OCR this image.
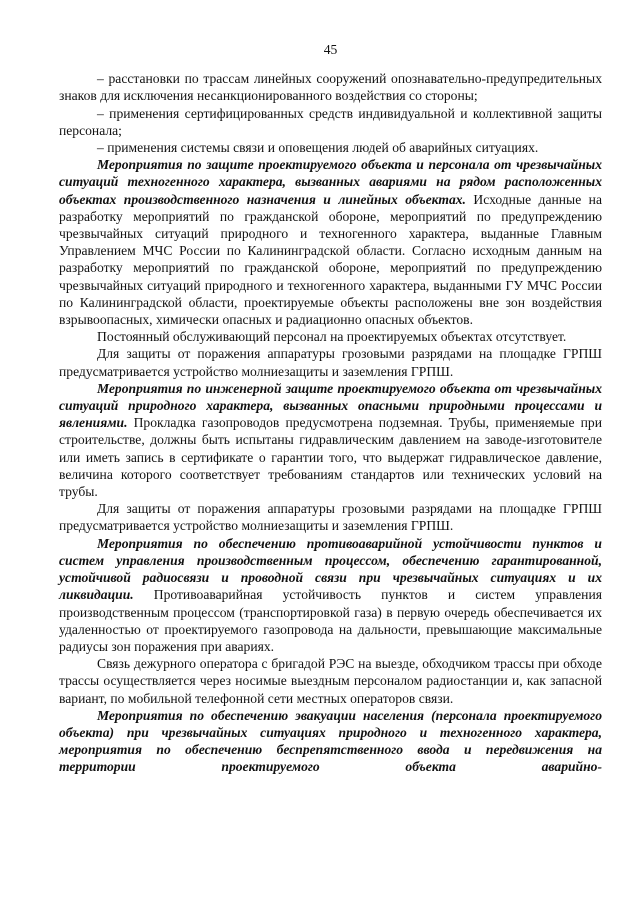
45

– расстановки по трассам линейных сооружений опознавательно-предупредительных знаков для исключения несанкционированного воздействия со стороны;

– применения сертифицированных средств индивидуальной и коллективной защиты персонала;

– применения системы связи и оповещения людей об аварийных ситуациях.

Мероприятия по защите проектируемого объекта и персонала от чрезвычайных ситуаций техногенного характера, вызванных авариями на рядом расположенных объектах производственного назначения и линейных объектах. Исходные данные на разработку мероприятий по гражданской обороне, мероприятий по предупреждению чрезвычайных ситуаций природного и техногенного характера, выданные Главным Управлением МЧС России по Калининградской области. Согласно исходным данным на разработку мероприятий по гражданской обороне, мероприятий по предупреждению чрезвычайных ситуаций природного и техногенного характера, выданными ГУ МЧС России по Калининградской области, проектируемые объекты расположены вне зон воздействия взрывоопасных, химически опасных и радиационно опасных объектов.

Постоянный обслуживающий персонал на проектируемых объектах отсутствует.

Для защиты от поражения аппаратуры грозовыми разрядами на площадке ГРПШ предусматривается устройство молниезащиты и заземления ГРПШ.

Мероприятия по инженерной защите проектируемого объекта от чрезвычайных ситуаций природного характера, вызванных опасными природными процессами и явлениями. Прокладка газопроводов предусмотрена подземная. Трубы, применяемые при строительстве, должны быть испытаны гидравлическим давлением на заводе-изготовителе или иметь запись в сертификате о гарантии того, что выдержат гидравлическое давление, величина которого соответствует требованиям стандартов или технических условий на трубы.

Для защиты от поражения аппаратуры грозовыми разрядами на площадке ГРПШ предусматривается устройство молниезащиты и заземления ГРПШ.

Мероприятия по обеспечению противоаварийной устойчивости пунктов и систем управления производственным процессом, обеспечению гарантированной, устойчивой радиосвязи и проводной связи при чрезвычайных ситуациях и их ликвидации. Противоаварийная устойчивость пунктов и систем управления производственным процессом (транспортировкой газа) в первую очередь обеспечивается их удаленностью от проектируемого газопровода на дальности, превышающие максимальные радиусы зон поражения при авариях.

Связь дежурного оператора с бригадой РЭС на выезде, обходчиком трассы при обходе трассы осуществляется через носимые выездным персоналом радиостанции и, как запасной вариант, по мобильной телефонной сети местных операторов связи.

Мероприятия по обеспечению эвакуации населения (персонала проектируемого объекта) при чрезвычайных ситуациях природного и техногенного характера, мероприятия по обеспечению беспрепятственного ввода и передвижения на территории проектируемого объекта аварийно-
